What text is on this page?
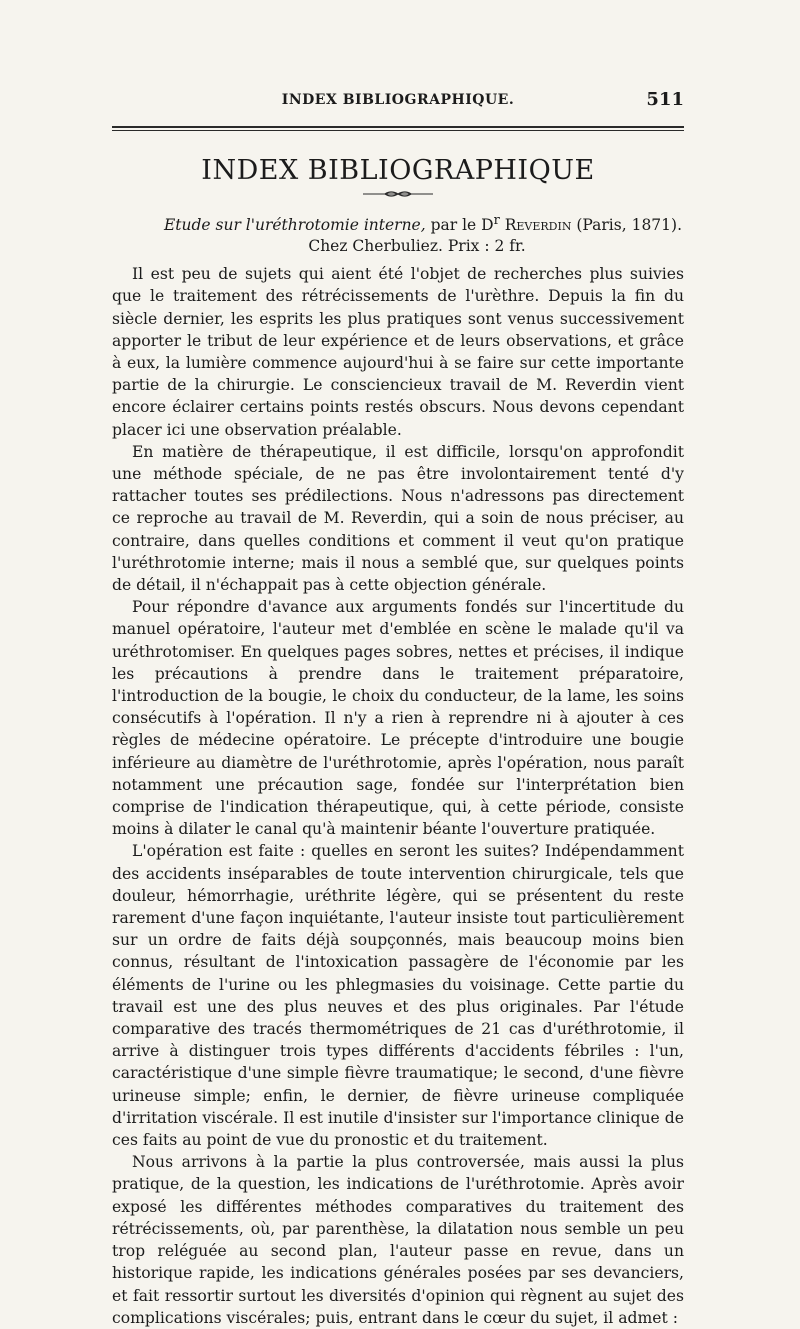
INDEX BIBLIOGRAPHIQUE.	511
INDEX BIBLIOGRAPHIQUE
Etude sur l'uréthrotomie interne, par le $D^r$ Reverdin (Paris, 1871).
Chez Cherbuliez. Prix : 2 fr.

Il est peu de sujets qui aient été l'objet de recherches plus suivies que le traitement des rétrécissements de l'urèthre. Depuis la fin du siècle dernier, les esprits les plus pratiques sont venus successivement apporter le tribut de leur expérience et de leurs observations, et grâce à eux, la lumière commence aujourd'hui à se faire sur cette importante partie de la chirurgie. Le consciencieux travail de M. Reverdin vient encore éclairer certains points restés obscurs. Nous devons cependant placer ici une observation préalable.

En matière de thérapeutique, il est difficile, lorsqu'on approfondit une méthode spéciale, de ne pas être involontairement tenté d'y rattacher toutes ses prédilections. Nous n'adressons pas directement ce reproche au travail de M. Reverdin, qui a soin de nous préciser, au contraire, dans quelles conditions et comment il veut qu'on pratique l'uréthrotomie interne; mais il nous a semblé que, sur quelques points de détail, il n'échappait pas à cette objection générale.

Pour répondre d'avance aux arguments fondés sur l'incertitude du manuel opératoire, l'auteur met d'emblée en scène le malade qu'il va uréthrotomiser. En quelques pages sobres, nettes et précises, il indique les précautions à prendre dans le traitement préparatoire, l'introduction de la bougie, le choix du conducteur, de la lame, les soins consécutifs à l'opération. Il n'y a rien à reprendre ni à ajouter à ces règles de médecine opératoire. Le précepte d'introduire une bougie inférieure au diamètre de l'uréthrotomie, après l'opération, nous paraît notamment une précaution sage, fondée sur l'interprétation bien comprise de l'indication thérapeutique, qui, à cette période, consiste moins à dilater le canal qu'à maintenir béante l'ouverture pratiquée.

L'opération est faite : quelles en seront les suites? Indépendamment des accidents inséparables de toute intervention chirurgicale, tels que douleur, hémorrhagie, uréthrite légère, qui se présentent du reste rarement d'une façon inquiétante, l'auteur insiste tout particulièrement sur un ordre de faits déjà soupçonnés, mais beaucoup moins bien connus, résultant de l'intoxication passagère de l'économie par les éléments de l'urine ou les phlegmasies du voisinage. Cette partie du travail est une des plus neuves et des plus originales. Par l'étude comparative des tracés thermométriques de 21 cas d'uréthrotomie, il arrive à distinguer trois types différents d'accidents fébriles : l'un, caractéristique d'une simple fièvre traumatique; le second, d'une fièvre urineuse simple; enfin, le dernier, de fièvre urineuse compliquée d'irritation viscérale. Il est inutile d'insister sur l'importance clinique de ces faits au point de vue du pronostic et du traitement.

Nous arrivons à la partie la plus controversée, mais aussi la plus pratique, de la question, les indications de l'uréthrotomie. Après avoir exposé les différentes méthodes comparatives du traitement des rétrécissements, où, par parenthèse, la dilatation nous semble un peu trop reléguée au second plan, l'auteur passe en revue, dans un historique rapide, les indications générales posées par ses devanciers, et fait ressortir surtout les diversités d'opinion qui règnent au sujet des complications viscérales; puis, entrant dans le cœur du sujet, il admet :
